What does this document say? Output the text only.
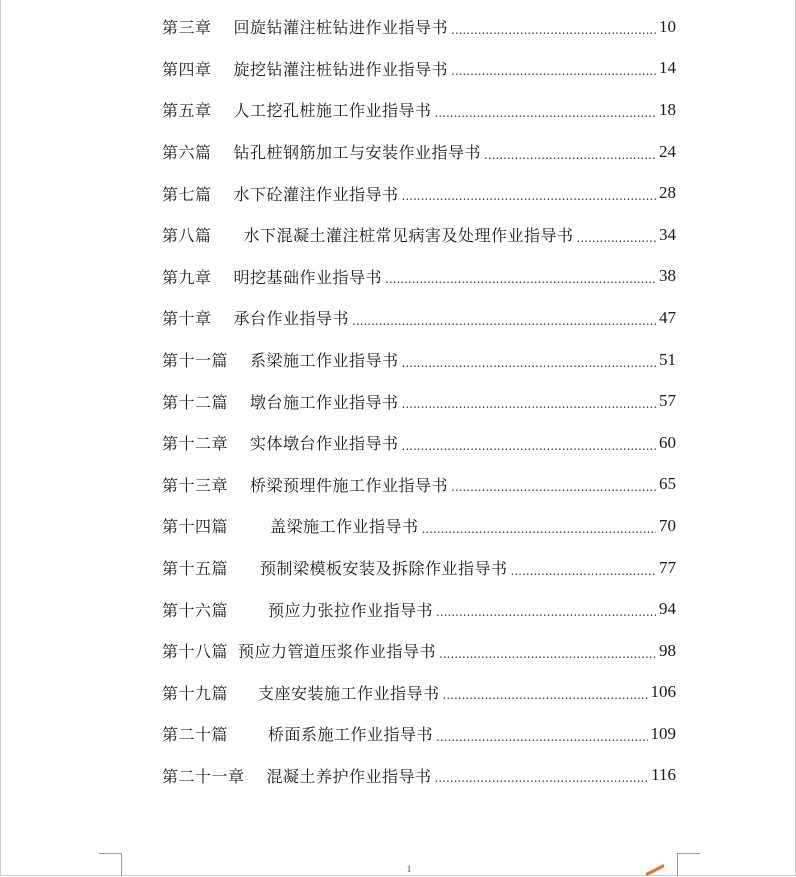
第三章 回旋钻灌注桩钻进作业指导书 .....	10
第四章 旋挖钻灌注桩钻进作业指导书 .....	14
第五章 人工挖孔桩施工作业指导书 .....	18
第六篇 钻孔桩钢筋加工与安装作业指导书 .....	24
第七篇 水下砼灌注作业指导书 .....	28
第八篇 水下混凝土灌注桩常见病害及处理作业指导书 .....	34
第九章 明挖基础作业指导书 .....	38
第十章 承台作业指导书 .....	47
第十一篇 系梁施工作业指导书 .....	51
第十二篇 墩台施工作业指导书 .....	57
第十二章 实体墩台作业指导书 .....	60
第十三章 桥梁预埋件施工作业指导书 .....	65
第十四篇	盖梁施工作业指导书 .....	70
第十五篇 预制梁模板安装及拆除作业指导书 .....	77
第十六篇	预应力张拉作业指导书 .....	94
第十八篇 预应力管道压浆作业指导书 .....	98
第十九篇 支座安装施工作业指导书 .....	106
第二十篇	桥面系施工作业指导书 .....	109
第二十一章 混凝土养护作业指导书 .....	116
1
